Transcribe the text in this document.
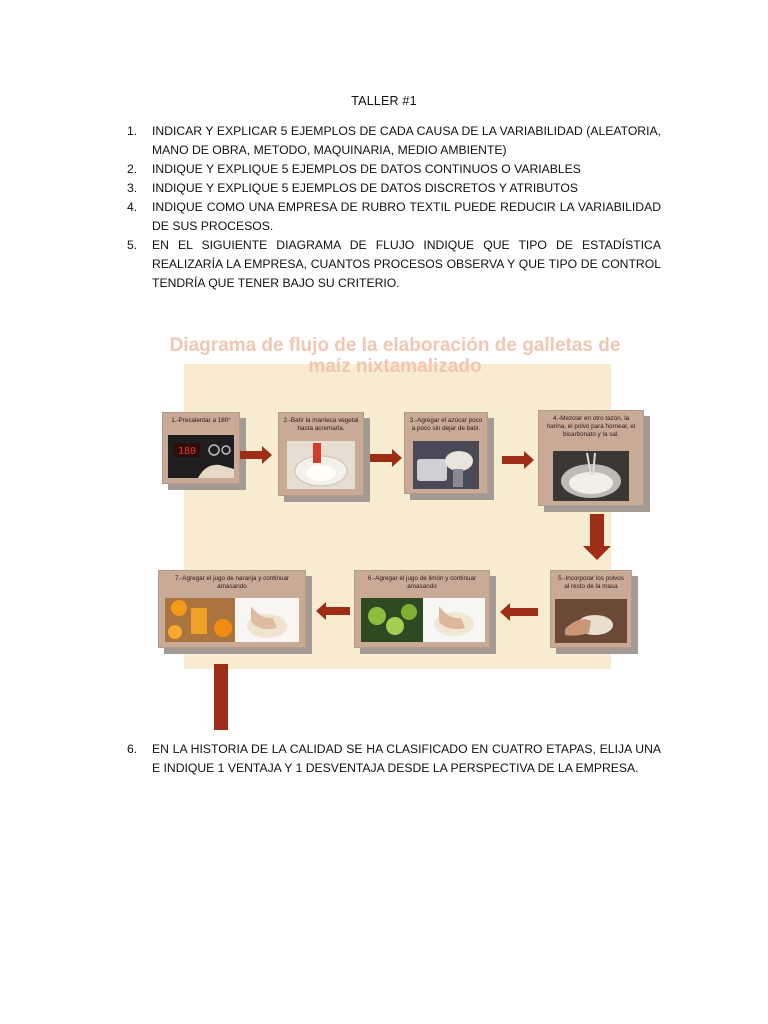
TALLER #1
1. INDICAR Y EXPLICAR 5 EJEMPLOS DE CADA CAUSA DE LA VARIABILIDAD (ALEATORIA, MANO DE OBRA, METODO, MAQUINARIA, MEDIO AMBIENTE)
2. INDIQUE Y EXPLIQUE 5 EJEMPLOS DE DATOS CONTINUOS O VARIABLES
3. INDIQUE Y EXPLIQUE 5 EJEMPLOS DE DATOS DISCRETOS Y ATRIBUTOS
4. INDIQUE COMO UNA EMPRESA DE RUBRO TEXTIL PUEDE REDUCIR LA VARIABILIDAD DE SUS PROCESOS.
5. EN EL SIGUIENTE DIAGRAMA DE FLUJO INDIQUE QUE TIPO DE ESTADÍSTICA REALIZARÍA LA EMPRESA, CUANTOS PROCESOS OBSERVA Y QUE TIPO DE CONTROL TENDRÍA QUE TENER BAJO SU CRITERIO.
Diagrama de flujo de la elaboración de galletas de maíz nixtamalizado
1.-Precalentar a 180°
180
2.-Batir la manteca vegetal hasta acremarla.
3.-Agregar el azúcar poco a poco sin dejar de batir.
4.-Mezclar en otro tazón, la harina, el polvo para hornear, el bicarbonato y la sal.
5.-Incorporar los polvos al resto de la masa
6.-Agregar el jugo de limón y continuar amasando
7.-Agregar el jugo de naranja y continuar amasando
6. EN LA HISTORIA DE LA CALIDAD SE HA CLASIFICADO EN CUATRO ETAPAS, ELIJA UNA E INDIQUE 1 VENTAJA Y 1 DESVENTAJA DESDE LA PERSPECTIVA DE LA EMPRESA.
